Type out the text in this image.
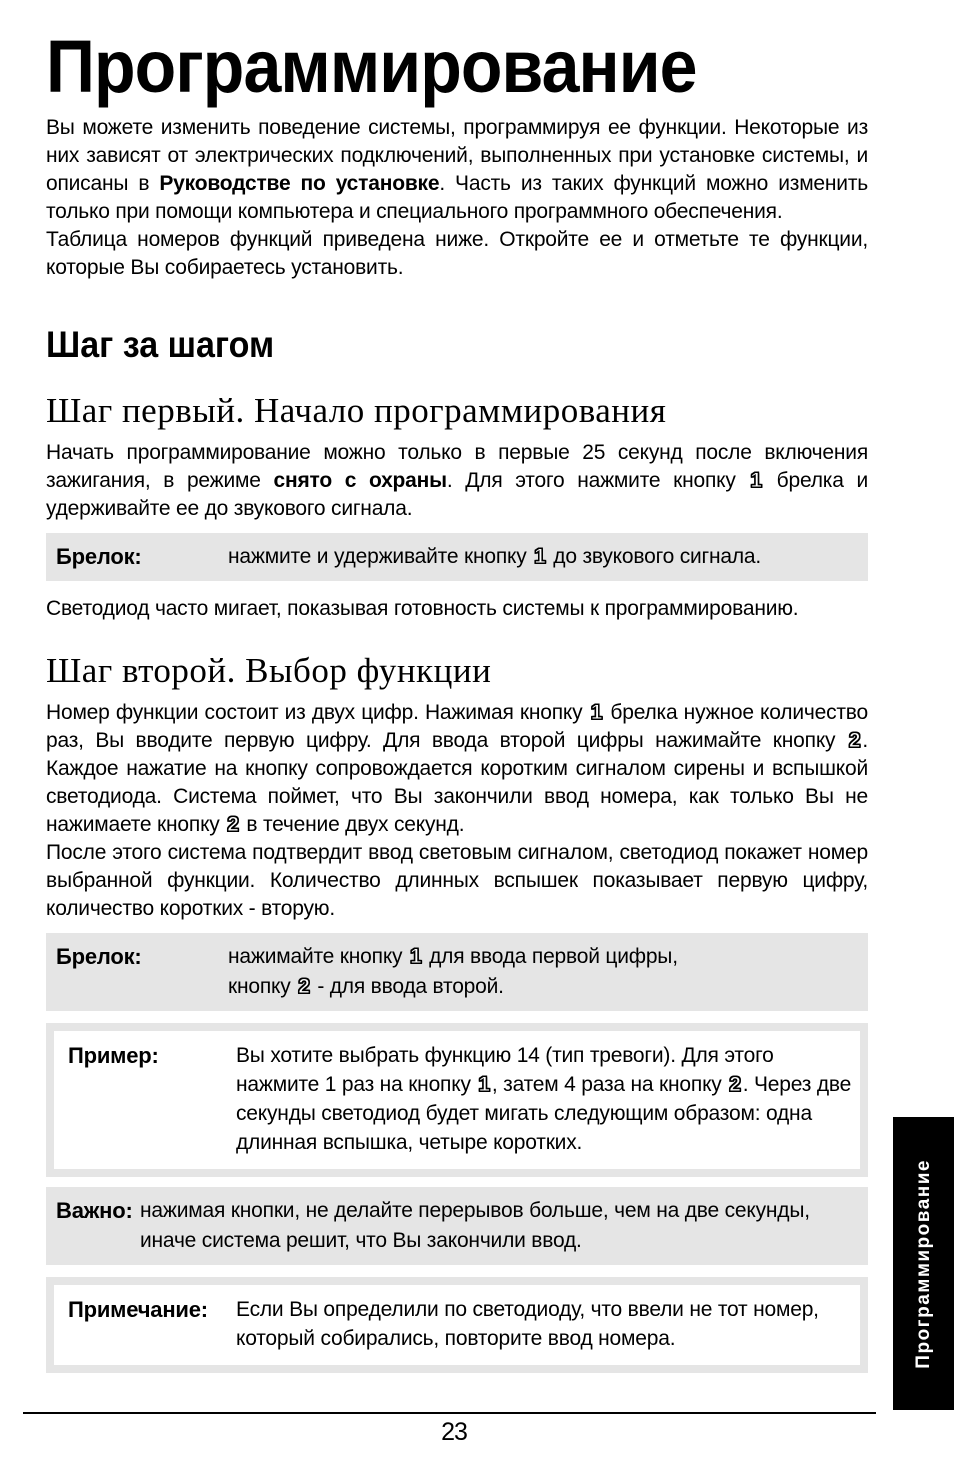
Программирование

Вы можете изменить поведение системы, программируя ее функции. Некоторые из них зависят от электрических подключений, выполненных при установке системы, и описаны в Руководстве по установке. Часть из таких функций можно изменить только при помощи компьютера и специального программного обеспечения.

Таблица номеров функций приведена ниже. Откройте ее и отметьте те функции, которые Вы собираетесь установить.

Шаг за шагом
Шаг первый. Начало программирования

Начать программирование можно только в первые 25 секунд после включения зажигания, в режиме снято с охраны. Для этого нажмите кнопку 1 брелка и удерживайте ее до звукового сигнала.

Брелок:	нажмите и удерживайте кнопку 1 до звукового сигнала.

Светодиод часто мигает, показывая готовность системы к программированию.

Шаг второй. Выбор функции

Номер функции состоит из двух цифр. Нажимая кнопку 1 брелка нужное количество раз, Вы вводите первую цифру. Для ввода второй цифры нажимайте кнопку 2. Каждое нажатие на кнопку сопровождается коротким сигналом сирены и вспышкой светодиода. Система поймет, что Вы закончили ввод номера, как только Вы не нажимаете кнопку 2 в течение двух секунд.

После этого система подтвердит ввод световым сигналом, светодиод покажет номер выбранной функции. Количество длинных вспышек показывает первую цифру, количество коротких - вторую.

Брелок:	нажимайте кнопку 1 для ввода первой цифры,
кнопку 2 - для ввода второй.
Пример:	Вы хотите выбрать функцию 14 (тип тревоги). Для этого нажмите 1 раз на кнопку 1, затем 4 раза на кнопку 2. Через две секунды светодиод будет мигать следующим образом: одна длинная вспышка, четыре коротких.
Важно: нажимая кнопки, не делайте перерывов больше, чем на две секунды, иначе система решит, что Вы закончили ввод.
Примечание:	Если Вы определили по светодиоду, что ввели не тот номер, который собирались, повторите ввод номера.	Программирование
23
